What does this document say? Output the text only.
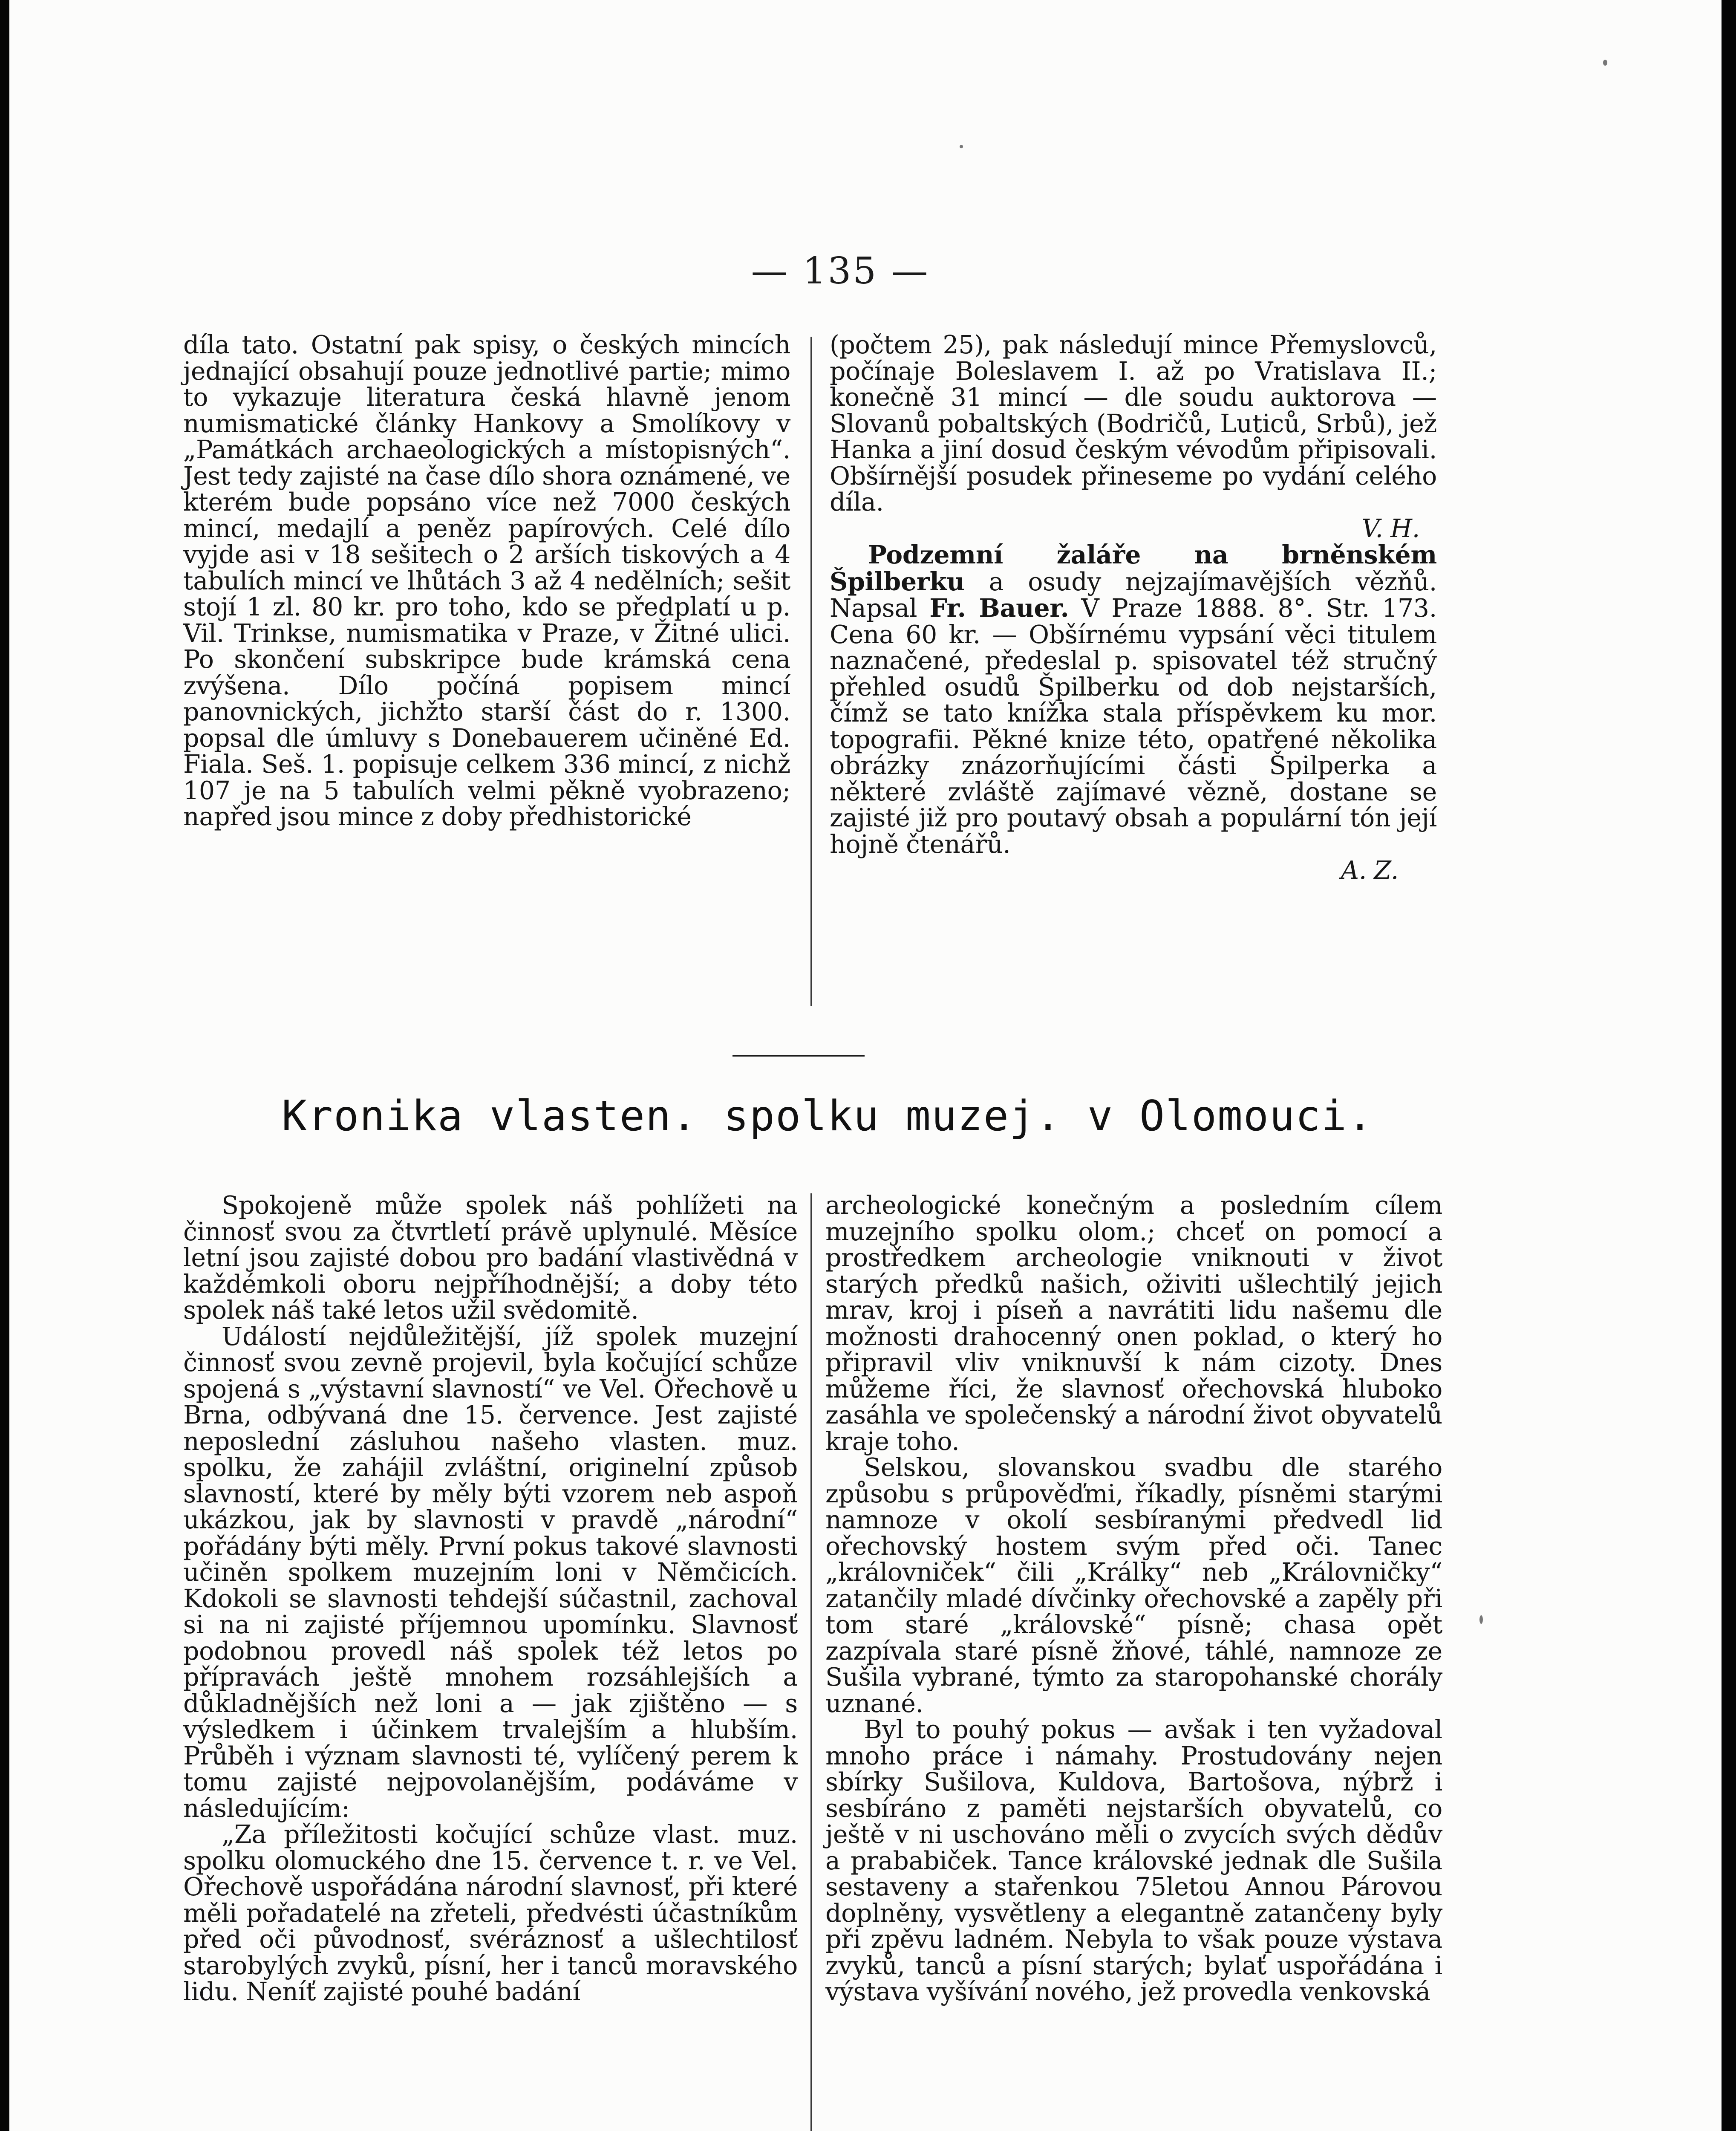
— 135 —

díla tato. Ostatní pak spisy, o českých mincích jednající obsahují pouze jednotlivé partie; mimo to vykazuje literatura česká hlavně jenom numismatické články Hankovy a Smolíkovy v „Památkách archaeologických a místopisných“. Jest tedy zajisté na čase dílo shora oznámené, ve kterém bude popsáno více než 7000 českých mincí, medajlí a peněz papírových. Celé dílo vyjde asi v 18 sešitech o 2 arších tiskových a 4 tabulích mincí ve lhůtách 3 až 4 nedělních; sešit stojí 1 zl. 80 kr. pro toho, kdo se předplatí u p. Vil. Trinkse, numismatika v Praze, v Žitné ulici. Po skončení subskripce bude krámská cena zvýšena. Dílo počíná popisem mincí panovnických, jichžto starší část do r. 1300. popsal dle úmluvy s Donebauerem učiněné Ed. Fiala. Seš. 1. popisuje celkem 336 mincí, z nichž 107 je na 5 tabulích velmi pěkně vyobrazeno; napřed jsou mince z doby předhistorické

(počtem 25), pak následují mince Přemyslovců, počínaje Boleslavem I. až po Vratislava II.; konečně 31 mincí — dle soudu auktorova — Slovanů pobaltských (Bodričů, Luticů, Srbů), jež Hanka a jiní dosud českým vévodům připisovali. Obšírnější posudek přineseme po vydání celého díla.

V. H.

Podzemní žaláře na brněnském Špilberku a osudy nejzajímavějších vězňů. Napsal Fr. Bauer. V Praze 1888. 8°. Str. 173. Cena 60 kr. — Obšírnému vypsání věci titulem naznačené, předeslal p. spisovatel též stručný přehled osudů Špilberku od dob nejstarších, čímž se tato knížka stala příspěvkem ku mor. topografii. Pěkné knize této, opatřené několika obrázky znázorňujícími části Špilperka a některé zvláště zajímavé vězně, dostane se zajisté již pro poutavý obsah a populární tón její hojně čtenářů.

A. Z.

Kronika vlasten. spolku muzej. v Olomouci.

Spokojeně může spolek náš pohlížeti na činnosť svou za čtvrtletí právě uplynulé. Měsíce letní jsou zajisté dobou pro badání vlastivědná v každémkoli oboru nejpříhodnější; a doby této spolek náš také letos užil svědomitě.

Událostí nejdůležitější, jíž spolek muzejní činnosť svou zevně projevil, byla kočující schůze spojená s „výstavní slavností“ ve Vel. Ořechově u Brna, odbývaná dne 15. července. Jest zajisté neposlední zásluhou našeho vlasten. muz. spolku, že zahájil zvláštní, originelní způsob slavností, které by měly býti vzorem neb aspoň ukázkou, jak by slavnosti v pravdě „národní“ pořádány býti měly. První pokus takové slavnosti učiněn spolkem muzejním loni v Němčicích. Kdokoli se slavnosti tehdejší súčastnil, zachoval si na ni zajisté příjemnou upomínku. Slavnosť podobnou provedl náš spolek též letos po přípravách ještě mnohem rozsáhlejších a důkladnějších než loni a — jak zjištěno — s výsledkem i účinkem trvalejším a hlubším. Průběh i význam slavnosti té, vylíčený perem k tomu zajisté nejpovolanějším, podáváme v následujícím:

„Za příležitosti kočující schůze vlast. muz. spolku olomuckého dne 15. července t. r. ve Vel. Ořechově uspořádána národní slavnosť, při které měli pořadatelé na zřeteli, předvésti účastníkům před oči původnosť, svéráznosť a ušlechtilosť starobylých zvyků, písní, her i tanců moravského lidu. Neníť zajisté pouhé badání

archeologické konečným a posledním cílem muzejního spolku olom.; chceť on pomocí a prostředkem archeologie vniknouti v život starých předků našich, oživiti ušlechtilý jejich mrav, kroj i píseň a navrátiti lidu našemu dle možnosti drahocenný onen poklad, o který ho připravil vliv vniknuvší k nám cizoty. Dnes můžeme říci, že slavnosť ořechovská hluboko zasáhla ve společenský a národní život obyvatelů kraje toho.

Selskou, slovanskou svadbu dle starého způsobu s průpověďmi, říkadly, písněmi starými namnoze v okolí sesbíranými předvedl lid ořechovský hostem svým před oči. Tanec „královniček“ čili „Králky“ neb „Královničky“ zatančily mladé dívčinky ořechovské a zapěly při tom staré „královské“ písně; chasa opět zazpívala staré písně žňové, táhlé, namnoze ze Sušila vybrané, týmto za staropohanské chorály uznané.

Byl to pouhý pokus — avšak i ten vyžadoval mnoho práce i námahy. Prostudovány nejen sbírky Sušilova, Kuldova, Bartošova, nýbrž i sesbíráno z paměti nejstarších obyvatelů, co ještě v ni uschováno měli o zvycích svých dědův a prababiček. Tance královské jednak dle Sušila sestaveny a stařenkou 75letou Annou Párovou doplněny, vysvětleny a elegantně zatančeny byly při zpěvu ladném. Nebyla to však pouze výstava zvyků, tanců a písní starých; bylať uspořádána i výstava vyšívání nového, jež provedla venkovská
